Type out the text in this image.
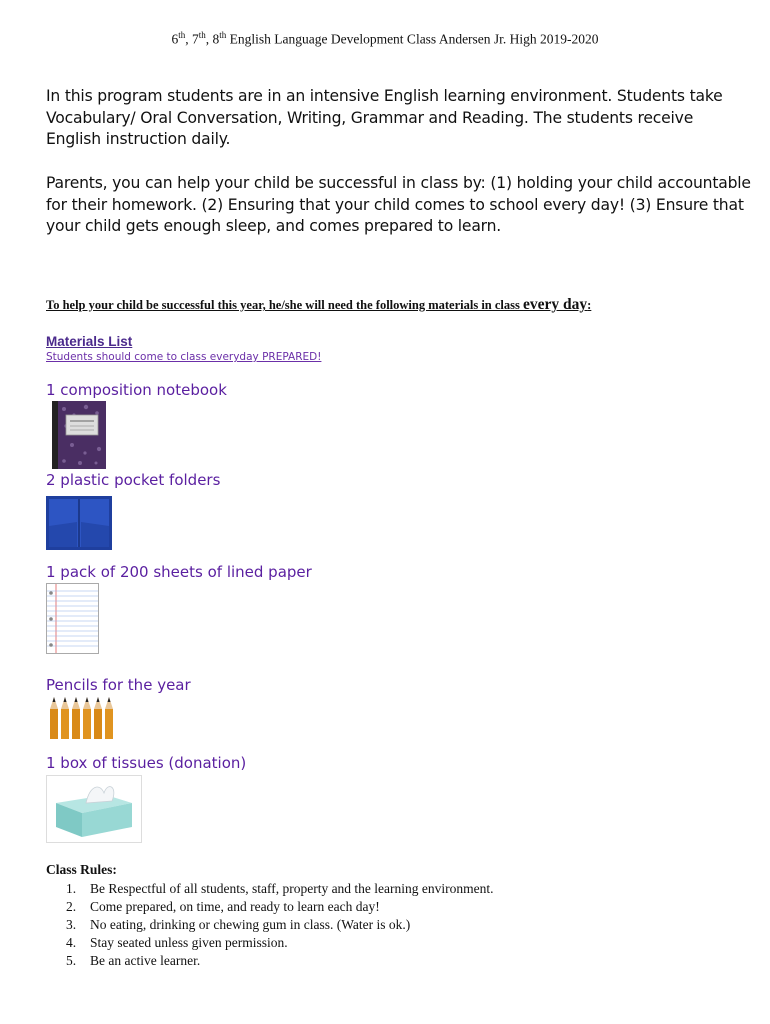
6th, 7th, 8th English Language Development Class Andersen Jr. High 2019-2020
In this program students are in an intensive English learning environment. Students take Vocabulary/ Oral Conversation, Writing, Grammar and Reading. The students receive English instruction daily.
Parents, you can help your child be successful in class by: (1) holding your child accountable for their homework. (2) Ensuring that your child comes to school every day! (3) Ensure that your child gets enough sleep, and comes prepared to learn.
To help your child be successful this year, he/she will need the following materials in class every day:
Materials List
Students should come to class everyday PREPARED!
1 composition notebook
2 plastic pocket folders
1 pack of 200 sheets of lined paper
Pencils for the year
1 box of tissues (donation)
Class Rules:
1. Be Respectful of all students, staff, property and the learning environment.
2. Come prepared, on time, and ready to learn each day!
3. No eating, drinking or chewing gum in class. (Water is ok.)
4. Stay seated unless given permission.
5. Be an active learner.
